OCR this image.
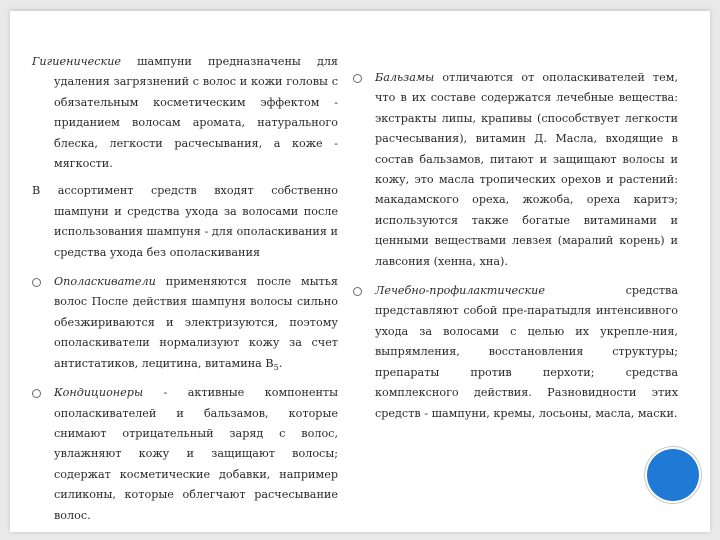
Гигиенические шампуни предназначены для удаления загрязнений с волос и кожи головы с обязательным косметическим эффектом - приданием волосам аромата, натурального блеска, легкости расчесывания, а коже - мягкости.

В ассортимент средств входят собственно шампуни и средства ухода за волосами после использования шампуня - для ополаскивания и средства ухода без ополаскивания

Ополаскиватели применяются после мытья волос После действия шампуня волосы сильно обезжириваются и электризуются, поэтому ополаскиватели нормализуют кожу за счет антистатиков, лецитина, витамина $B_5$.

Кондиционеры - активные компоненты ополаскивателей и бальзамов, которые снимают отрицательный заряд с волос, увлажняют кожу и защищают волосы; содержат косметические добавки, например силиконы, которые облегчают расчесывание волос.

Бальзамы отличаются от ополаскивателей тем, что в их составе содержатся лечебные вещества: экстракты липы, крапивы (способствует легкости расчесывания), витамин Д. Масла, входящие в состав бальзамов, питают и защищают волосы и кожу, это масла тропических орехов и растений: макадамского ореха, жожоба, ореха каритэ; используются также богатые витаминами и ценными веществами левзея (маралий корень) и лавсония (хенна, хна).

Лечебно-профилактические средства представляют собой пре-паратыдля интенсивного ухода за волосами с целью их укрепле-ния, выпрямления, восстановления структуры; препараты против перхоти; средства комплексного действия. Разновидности этих средств - шампуни, кремы, лосьоны, масла, маски.
